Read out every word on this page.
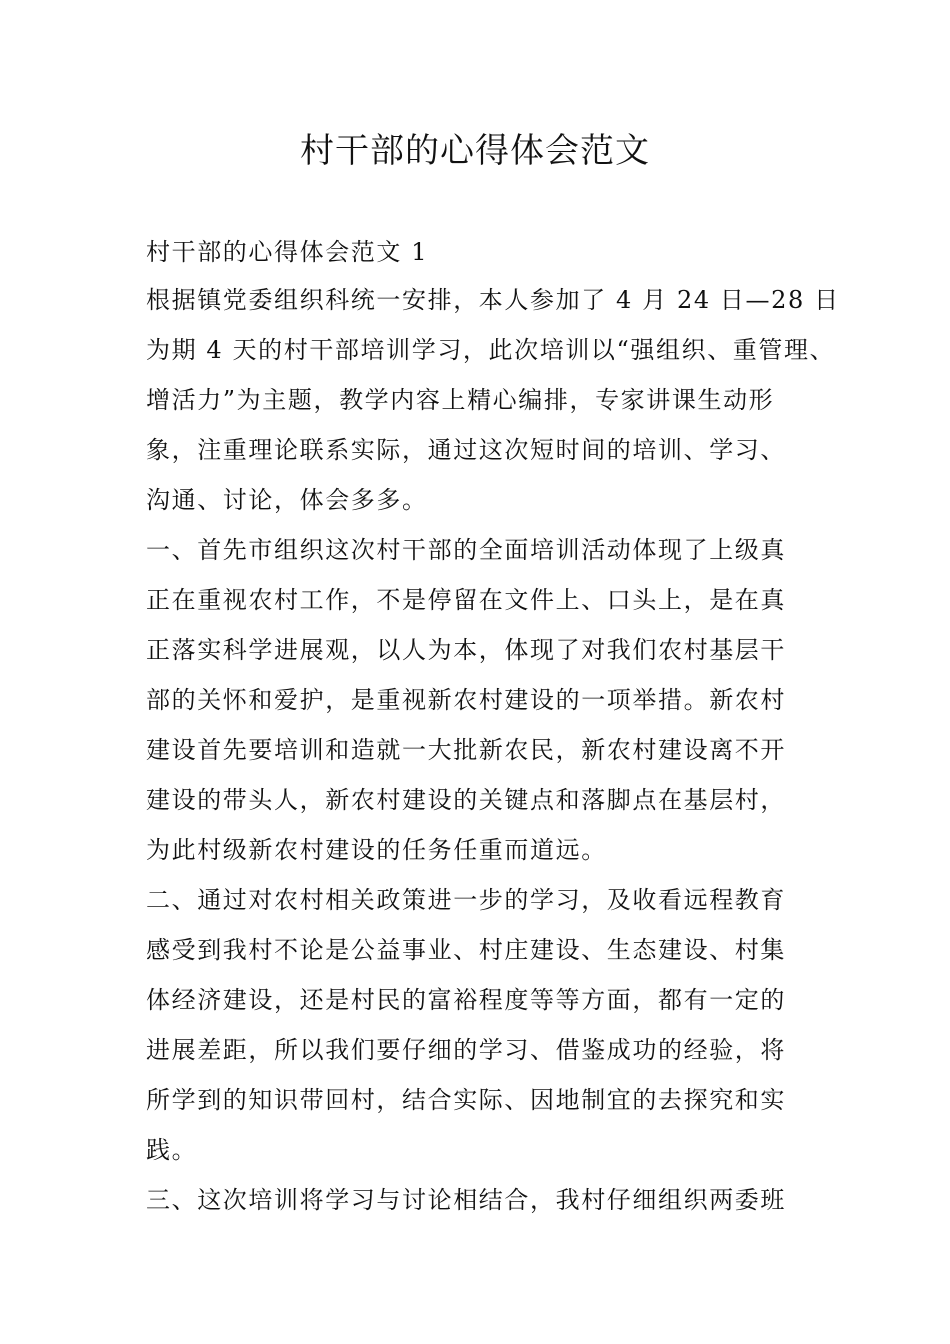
村干部的心得体会范文

村干部的心得体会范文 1

根据镇党委组织科统一安排，本人参加了 4 月 24 日—28 日

为期 4 天的村干部培训学习，此次培训以“强组织、重管理、

增活力”为主题，教学内容上精心编排，专家讲课生动形

象，注重理论联系实际，通过这次短时间的培训、学习、

沟通、讨论，体会多多。

一、首先市组织这次村干部的全面培训活动体现了上级真

正在重视农村工作，不是停留在文件上、口头上，是在真

正落实科学进展观，以人为本，体现了对我们农村基层干

部的关怀和爱护，是重视新农村建设的一项举措。新农村

建设首先要培训和造就一大批新农民，新农村建设离不开

建设的带头人，新农村建设的关键点和落脚点在基层村，

为此村级新农村建设的任务任重而道远。

二、通过对农村相关政策进一步的学习，及收看远程教育

感受到我村不论是公益事业、村庄建设、生态建设、村集

体经济建设，还是村民的富裕程度等等方面，都有一定的

进展差距，所以我们要仔细的学习、借鉴成功的经验，将

所学到的知识带回村，结合实际、因地制宜的去探究和实

践。

三、这次培训将学习与讨论相结合，我村仔细组织两委班
